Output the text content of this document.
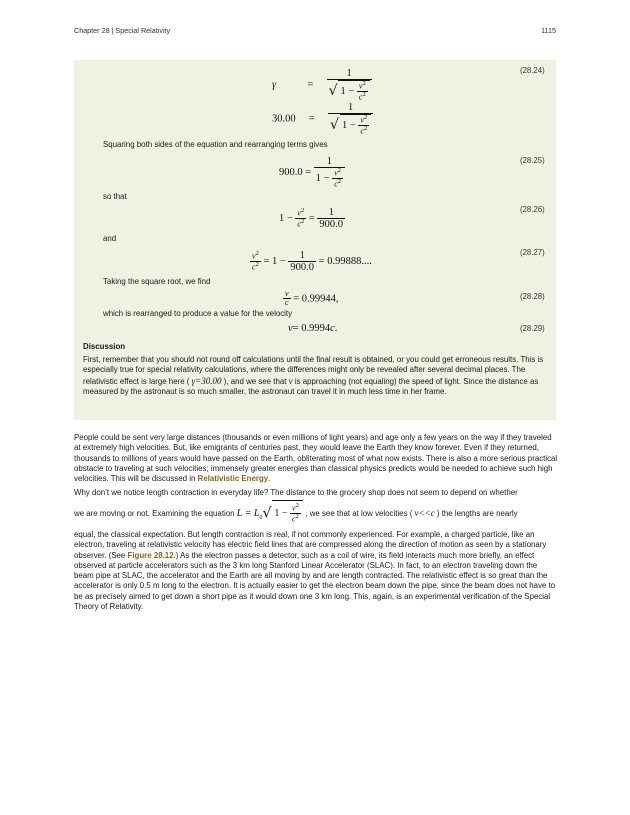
Chapter 28 | Special Relativity	1115
γ	= $\frac{1}{√ 1 - \frac{v^2}{c^2}}$	(28.24)
$30.00 = \frac{1}{√ 1 - \frac{v^2}{c^2}}$
Squaring both sides of the equation and rearranging terms gives
$900.0 = \frac{1}{1 - \frac{v^2}{c^2}}$	(28.25)
so that
$1 - \frac{v^2}{c^2} = \frac{1}{900.0}$	(28.26)
and
$\frac{v^2}{c^2} = 1 - \frac{1}{900.0} = 0.99888$....
(28.27)
Taking the square root, we find
$\frac{v}{c} = 0.99944$,	(28.28)
which is rearranged to produce a value for the velocity
v= 0.9994c.	(28.29)
Discussion
First, remember that you should not round off calculations until the final result is obtained, or you could get erroneous results. This is especially true for special relativity calculations, where the differences might only be revealed after several decimal places. The relativistic effect is large here ( γ=30.00 ), and we see that v is approaching (not equaling) the speed of light. Since the distance as measured by the astronaut is so much smaller, the astronaut can travel it in much less time in her frame.
People could be sent very large distances (thousands or even millions of light years) and age only a few years on the way if they traveled at extremely high velocities. But, like emigrants of centuries past, they would leave the Earth they know forever. Even if they returned, thousands to millions of years would have passed on the Earth, obliterating most of what now exists. There is also a more serious practical obstacle to traveling at such velocities; immensely greater energies than classical physics predicts would be needed to achieve such high velocities. This will be discussed in Relativistic Energy.
Why don’t we notice length contraction in everyday life? The distance to the grocery shop does not seem to depend on whether
we are moving or not. Examining the equation $L = L_0√$ $1 - \frac{v^2}{c^2}$ , we see that at low velocities ( v<<c ) the lengths are nearly
equal, the classical expectation. But length contraction is real, if not commonly experienced. For example, a charged particle, like an electron, traveling at relativistic velocity has electric field lines that are compressed along the direction of motion as seen by a stationary observer. (See Figure 28.12.) As the electron passes a detector, such as a coil of wire, its field interacts much more briefly, an effect observed at particle accelerators such as the 3 km long Stanford Linear Accelerator (SLAC). In fact, to an electron traveling down the beam pipe at SLAC, the accelerator and the Earth are all moving by and are length contracted. The relativistic effect is so great than the accelerator is only 0.5 m long to the electron. It is actually easier to get the electron beam down the pipe, since the beam does not have to be as precisely aimed to get down a short pipe as it would down one 3 km long. This, again, is an experimental verification of the Special Theory of Relativity.
